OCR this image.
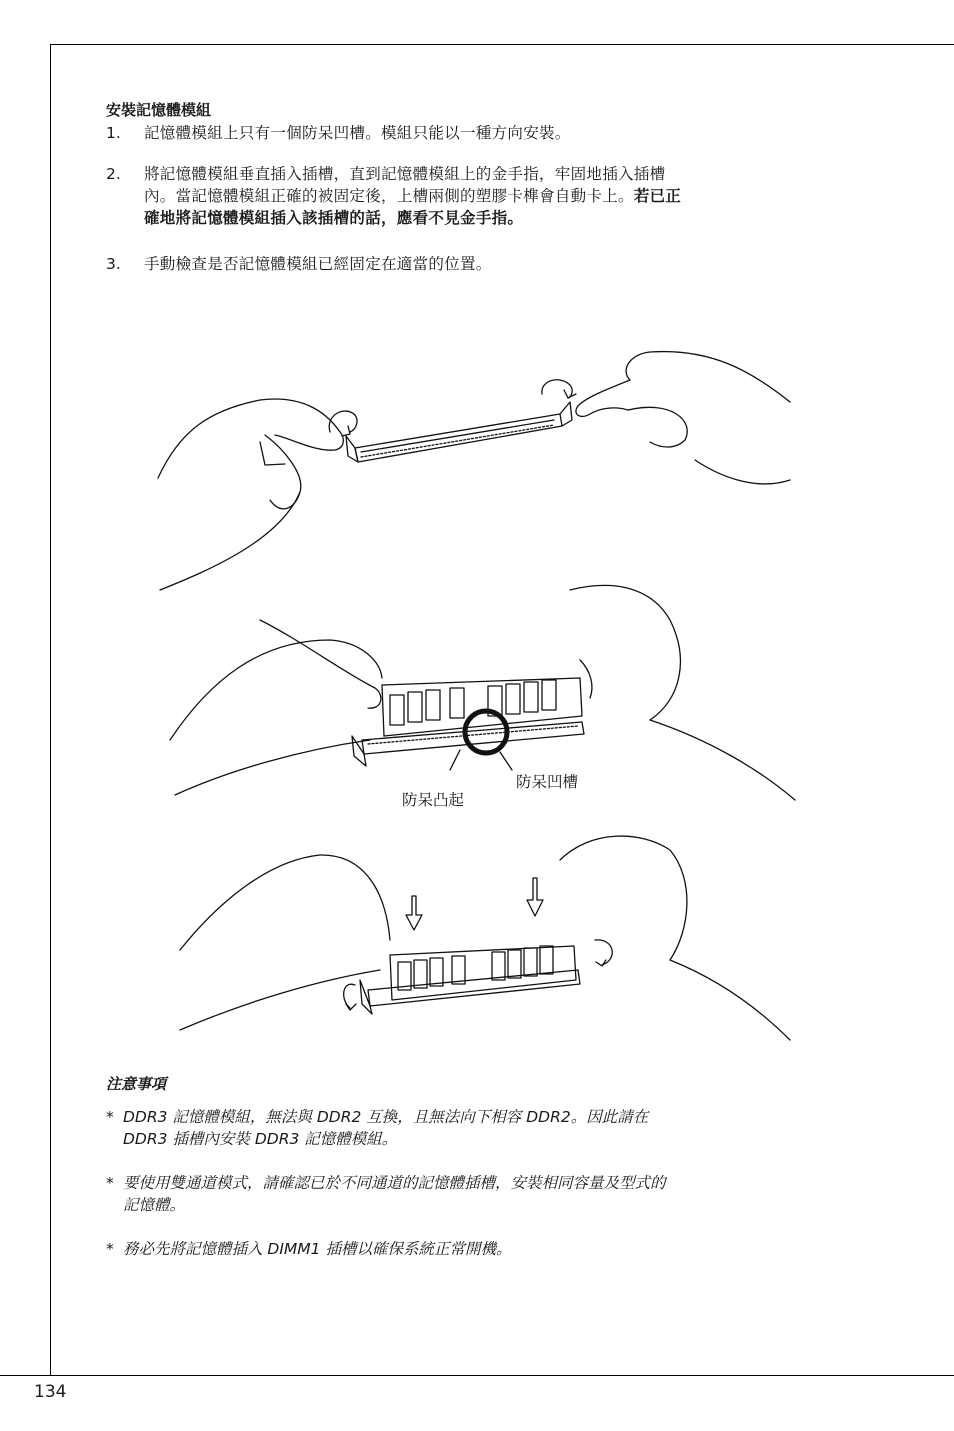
安裝記憶體模組
1.	記憶體模組上只有一個防呆凹槽。模組只能以一種方向安裝。
2.	將記憶體模組垂直插入插槽，直到記憶體模組上的金手指，牢固地插入插槽
內。當記憶體模組正確的被固定後，上槽兩側的塑膠卡榫會自動卡上。若已正
確地將記憶體模組插入該插槽的話，應看不見金手指。
3.	手動檢查是否記憶體模組已經固定在適當的位置。
防呆凹槽
防呆凸起
注意事項
* DDR3 記憶體模組，無法與 DDR2 互換，且無法向下相容 DDR2。因此請在
DDR3 插槽內安裝 DDR3 記憶體模組。
* 要使用雙通道模式，請確認已於不同通道的記憶體插槽，安裝相同容量及型式的
記憶體。
* 務必先將記憶體插入 DIMM1 插槽以確保系統正常開機。
134
